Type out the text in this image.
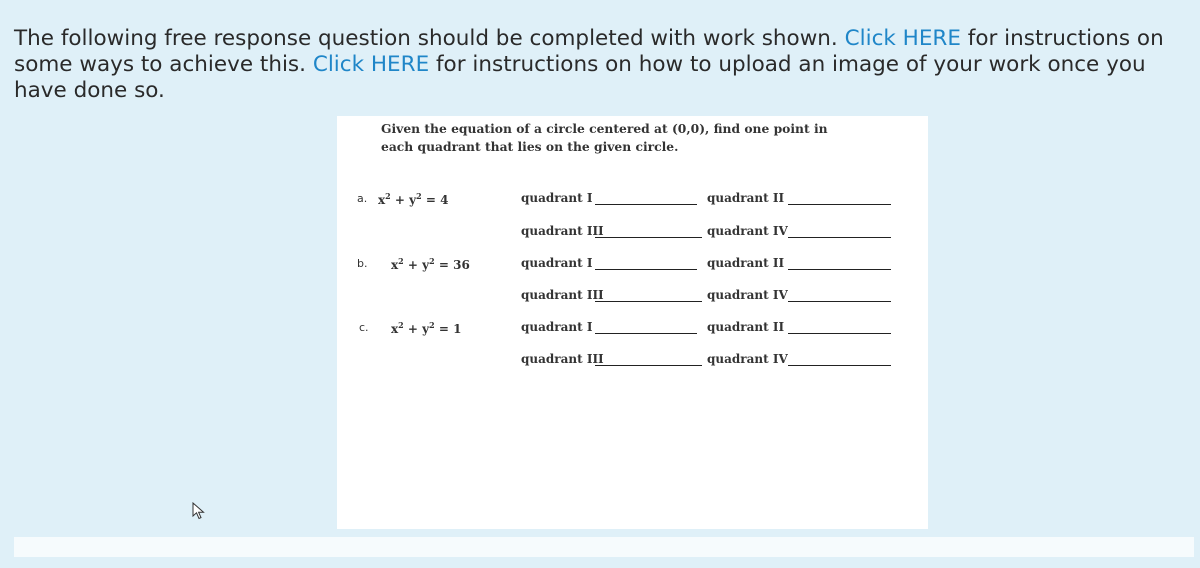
The following free response question should be completed with work shown. Click HERE for instructions on some ways to achieve this. Click HERE for instructions on how to upload an image of your work once you have done so.
Given the equation of a circle centered at (0,0), find one point in
each quadrant that lies on the given circle.
a. $x^2 + y^2 = 4$	quadrant I	quadrant II
quadrant III	quadrant IV
b. $x^2 + y^2 = 36$	quadrant I	quadrant II
quadrant III	quadrant IV
c. $x^2 + y^2 = 1$	quadrant I	quadrant II
quadrant III	quadrant IV
